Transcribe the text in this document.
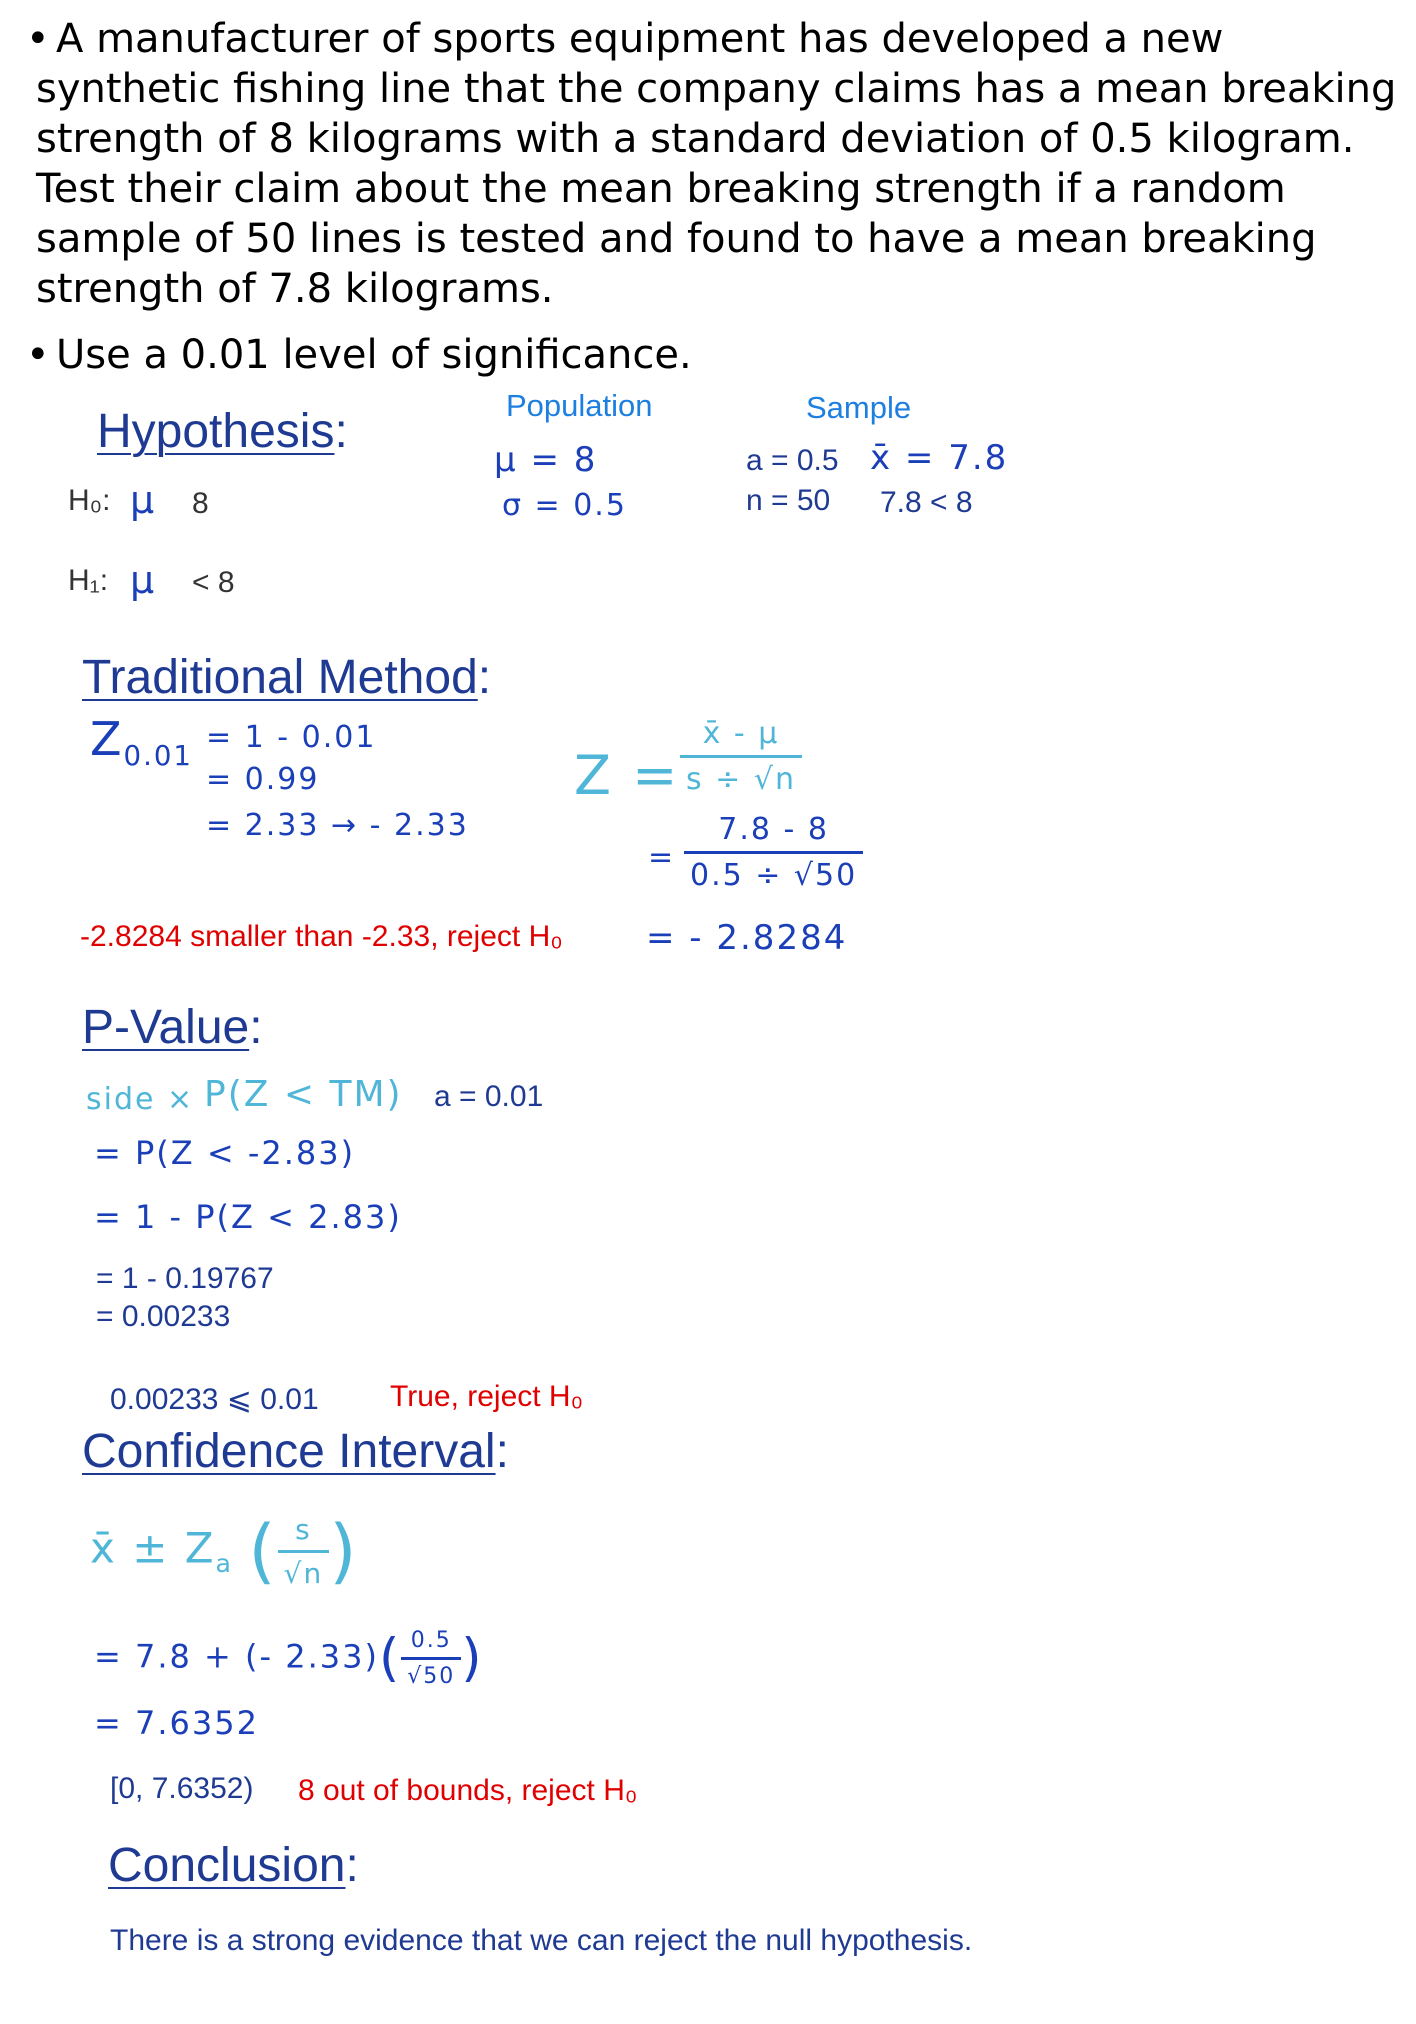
• A manufacturer of sports equipment has developed a new
synthetic fishing line that the company claims has a mean breaking
strength of 8 kilograms with a standard deviation of 0.5 kilogram.
Test their claim about the mean breaking strength if a random
sample of 50 lines is tested and found to have a mean breaking
strength of 7.8 kilograms.
• Use a 0.01 level of significance.
Hypothesis:
H₀: μ 8
H₁: μ < 8
Population
μ = 8
σ = 0.5
Sample
a = 0.5 x̄ = 7.8
n = 50 7.8 < 8
Traditional Method:
$Z_{0.01}$
= 1 - 0.01
= 0.99
= 2.33 → - 2.33
$Z = \frac{x̄ - \mu}{s \div √n}$
= $\frac{7.8 - 8}{0.5 \div √50}$
= - 2.8284
-2.8284 smaller than -2.33, reject H₀
P-Value:
side × P(Z < TM) a = 0.01
= P(Z < -2.83)
= 1 - P(Z < 2.83)
= 1 - 0.19767
= 0.00233
0.00233 ⩽ 0.01 True, reject H₀
Confidence Interval:
x̄ ± $Z_a$ ( $\frac{s}{√n}$ )
= 7.8 + (- $2.33)( \frac{0.5}{√50}$ )
= 7.6352
[0, 7.6352) 8 out of bounds, reject H₀
Conclusion:
There is a strong evidence that we can reject the null hypothesis.
